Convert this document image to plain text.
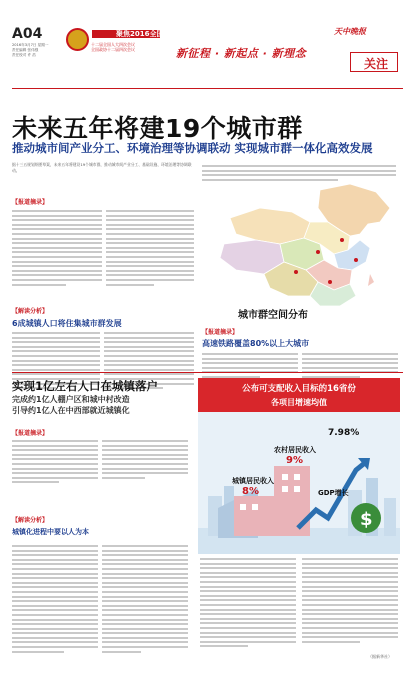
A04
2016年3月7日 星期一
责任编辑 张伟强
责任校对 许 浩
聚焦2016全国两会
十二届全国人大四次会议
全国政协十二届四次会议	新征程 · 新起点 · 新理念
天中晚报
关注
未来五年将建19个城市群
推动城市间产业分工、环境治理等协调联动 实现城市群一体化高效发展
据十三五规划纲要草案，未来五年将建设19个城市群，推动城市间产业分工、基础设施、环境治理等协调联动。
【报道摘录】
城市群空间分布
【解读分析】
6成城镇人口将住集城市群发展
【报道摘录】
高速铁路覆盖80%以上大城市
实现1亿左右人口在城镇落户
完成约1亿人棚户区和城中村改造
引导约1亿人在中西部就近城镇化
【报道摘录】
【解读分析】
城镇化进程中要以人为本
（据新华社）
$
公布可支配收入目标的16省份
各项目增速均值
农村居民收入
9%
城镇居民收入
8%
7.98%
GDP增长
